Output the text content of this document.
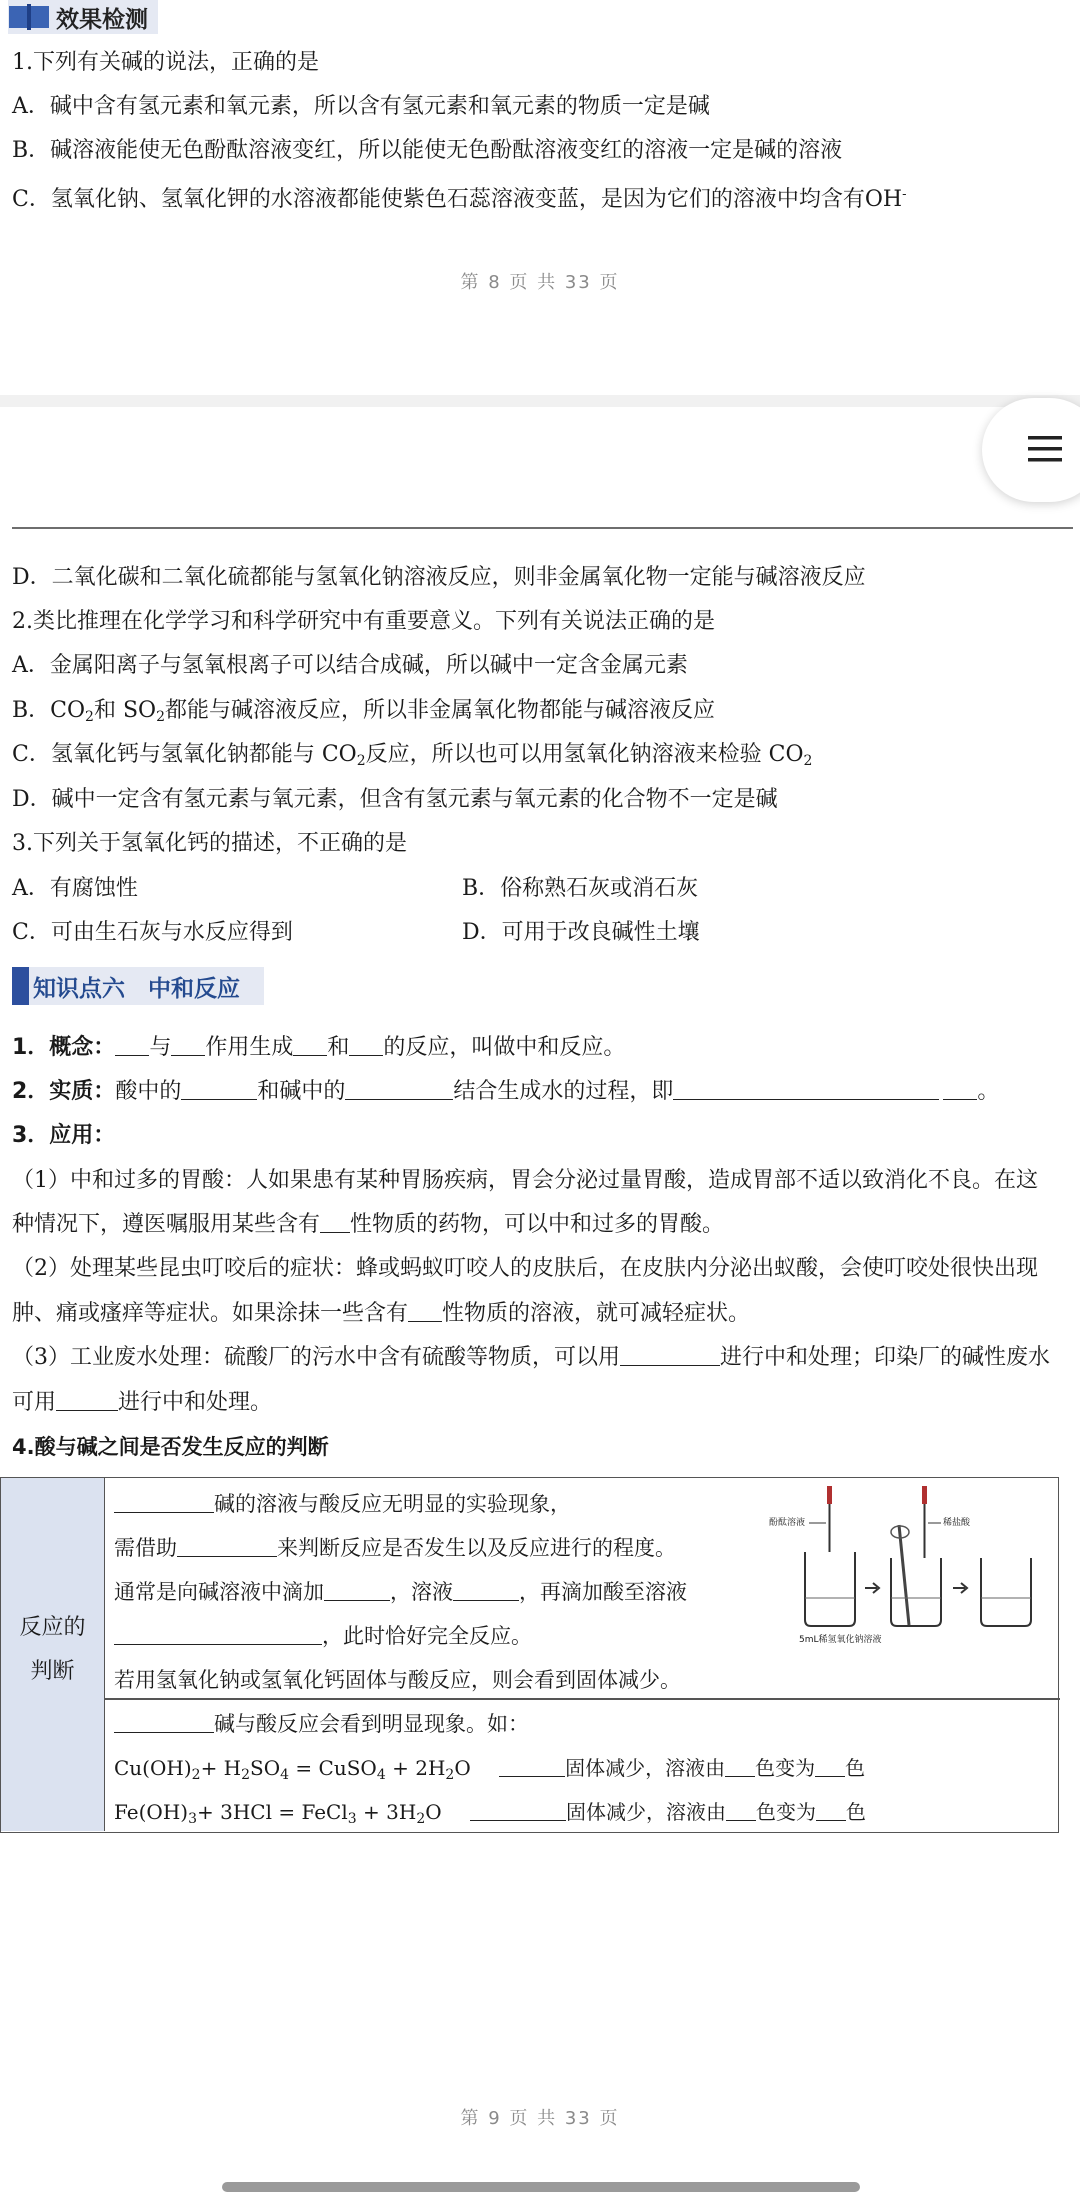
效果检测
1.下列有关碱的说法，正确的是
A．碱中含有氢元素和氧元素，所以含有氢元素和氧元素的物质一定是碱
B．碱溶液能使无色酚酞溶液变红，所以能使无色酚酞溶液变红的溶液一定是碱的溶液
C．氢氧化钠、氢氧化钾的水溶液都能使紫色石蕊溶液变蓝，是因为它们的溶液中均含有OH-
第 8 页 共 33 页
D．二氧化碳和二氧化硫都能与氢氧化钠溶液反应，则非金属氧化物一定能与碱溶液反应
2.类比推理在化学学习和科学研究中有重要意义。下列有关说法正确的是
A．金属阳离子与氢氧根离子可以结合成碱，所以碱中一定含金属元素
B．$CO_2$和 $SO_2$都能与碱溶液反应，所以非金属氧化物都能与碱溶液反应
C．氢氧化钙与氢氧化钠都能与 $CO_2$反应，所以也可以用氢氧化钠溶液来检验 $CO_2$
D．碱中一定含有氢元素与氧元素，但含有氢元素与氧元素的化合物不一定是碱
3.下列关于氢氧化钙的描述，不正确的是
A．有腐蚀性	B．俗称熟石灰或消石灰
C．可由生石灰与水反应得到	D．可用于改良碱性土壤
知识点六　中和反应
1．概念： 与 作用生成 和 的反应，叫做中和反应。
2．实质：酸中的	和碱中的	结合生成水的过程，即	。
3．应用：
（1）中和过多的胃酸：人如果患有某种胃肠疾病，胃会分泌过量胃酸，造成胃部不适以致消化不良。在这
种情况下，遵医嘱服用某些含有 性物质的药物，可以中和过多的胃酸。
（2）处理某些昆虫叮咬后的症状：蜂或蚂蚁叮咬人的皮肤后，在皮肤内分泌出蚁酸，会使叮咬处很快出现
肿、痛或瘙痒等症状。如果涂抹一些含有 性物质的溶液，就可减轻症状。
（3）工业废水处理：硫酸厂的污水中含有硫酸等物质，可以用	进行中和处理；印染厂的碱性废水
可用	进行中和处理。
4.酸与碱之间是否发生反应的判断
反应的
判断
碱的溶液与酸反应无明显的实验现象，
需借助	来判断反应是否发生以及反应进行的程度。
通常是向碱溶液中滴加	，溶液	，再滴加酸至溶液
，此时恰好完全反应。
若用氢氧化钠或氢氧化钙固体与酸反应，则会看到固体减少。
酚酞溶液	稀盐酸
5mL稀氢氧化钠溶液
碱与酸反应会看到明显现象。如：
$Cu(OH)_2+ H_2SO_4$ = CuSO$_4$ + $2H_2O$	固体减少，溶液由 色变为 色
$Fe(OH)_3+ 3HCl$ = FeCl$_3$ + $3H_2O$	固体减少，溶液由 色变为 色
第 9 页 共 33 页
